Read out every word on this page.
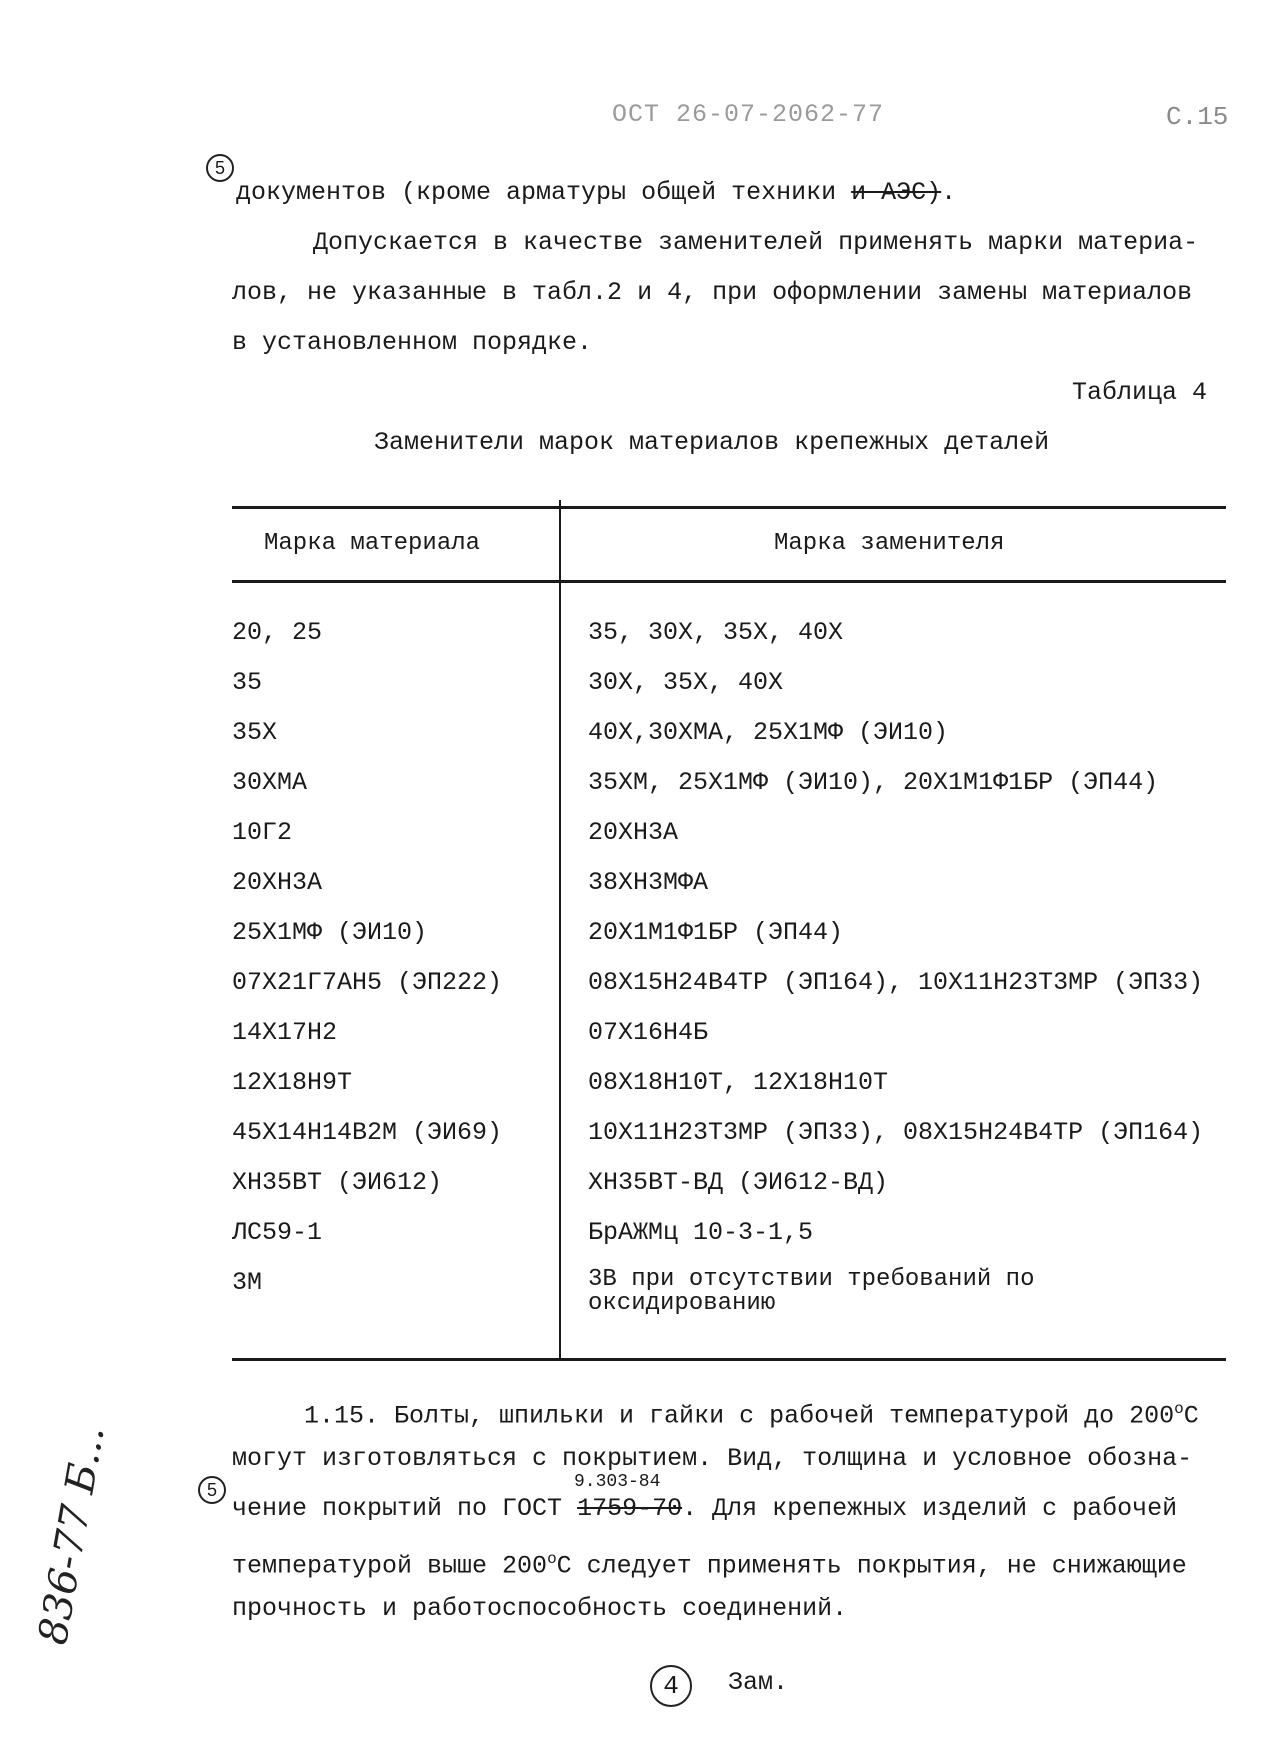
ОСТ 26-07-2062-77	С.15
5
документов (кроме арматуры общей техники и АЭС).
Допускается в качестве заменителей применять марки материа-
лов, не указанные в табл.2 и 4, при оформлении замены материалов
в установленном порядке.
Таблица 4
Заменители марок материалов крепежных деталей
Марка материала	Марка заменителя
20, 25	35, 30Х, 35Х, 40Х
35	30Х, 35Х, 40Х
35Х	40Х,30ХМА, 25Х1МФ (ЭИ10)
30ХМА	35ХМ, 25Х1МФ (ЭИ10), 20Х1М1Ф1БР (ЭП44)
10Г2	20ХН3А
20ХН3А	38ХН3МФА
25Х1МФ (ЭИ10)	20Х1М1Ф1БР (ЭП44)
07Х21Г7АН5 (ЭП222)	08Х15Н24В4ТР (ЭП164), 10Х11Н23Т3МР (ЭП33)
14Х17Н2	07Х16Н4Б
12Х18Н9Т	08Х18Н10Т, 12Х18Н10Т
45Х14Н14В2М (ЭИ69)	10Х11Н23Т3МР (ЭП33), 08Х15Н24В4ТР (ЭП164)
ХН35ВТ (ЭИ612)	ХН35ВТ-ВД (ЭИ612-ВД)
ЛС59-1	БрАЖМц 10-3-1,5
3М	3В при отсутствии требований по оксидированию
1.15. Болты, шпильки и гайки с рабочей температурой до $200^оС$
могут изготовляться с покрытием. Вид, толщина и условное обозна-
5	9.303-84
чение покрытий по ГОСТ 1759-70. Для крепежных изделий с рабочей
температурой выше $200^оС$ следует применять покрытия, не снижающие
прочность и работоспособность соединений.
836-77 Б...
4	Зам.
